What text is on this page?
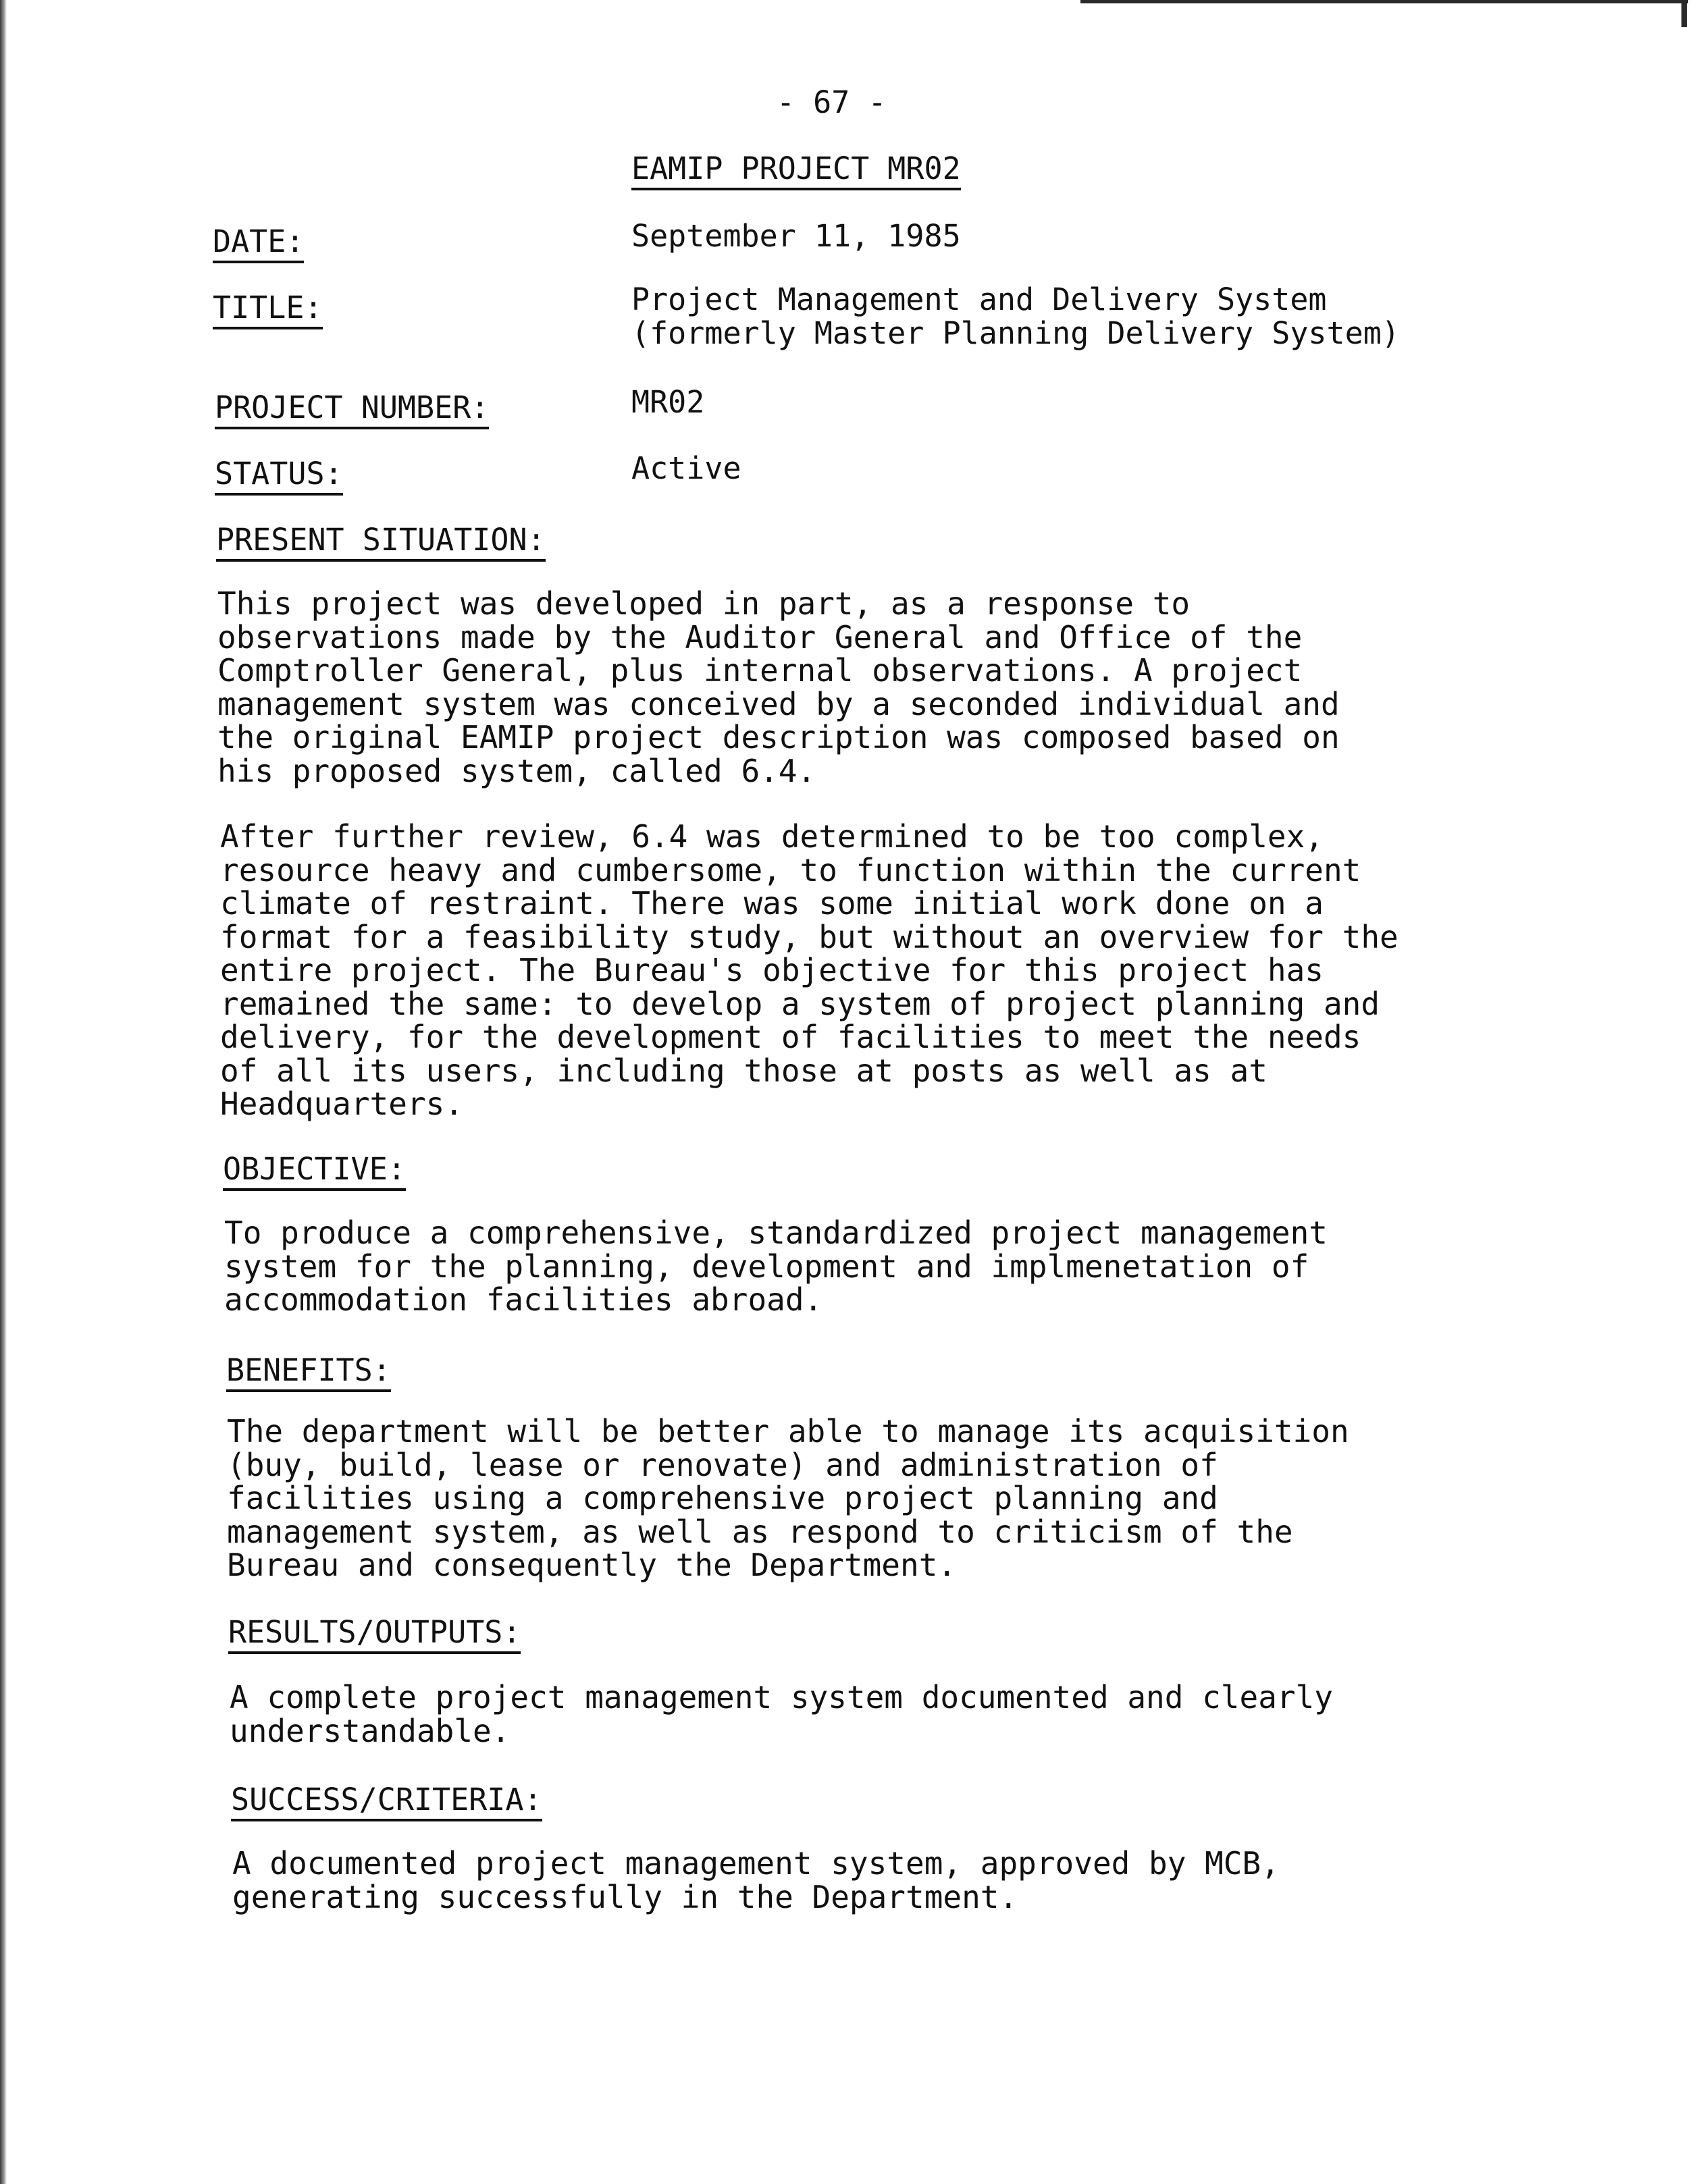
- 67 -
EAMIP PROJECT MR02
DATE:	September 11, 1985
TITLE:	Project Management and Delivery System
(formerly Master Planning Delivery System)
PROJECT NUMBER:	MR02
STATUS:	Active
PRESENT SITUATION:
This project was developed in part, as a response to
observations made by the Auditor General and Office of the
Comptroller General, plus internal observations. A project
management system was conceived by a seconded individual and
the original EAMIP project description was composed based on
his proposed system, called 6.4.
After further review, 6.4 was determined to be too complex,
resource heavy and cumbersome, to function within the current
climate of restraint. There was some initial work done on a
format for a feasibility study, but without an overview for the
entire project. The Bureau's objective for this project has
remained the same: to develop a system of project planning and
delivery, for the development of facilities to meet the needs
of all its users, including those at posts as well as at
Headquarters.
OBJECTIVE:
To produce a comprehensive, standardized project management
system for the planning, development and implmenetation of
accommodation facilities abroad.
BENEFITS:
The department will be better able to manage its acquisition
(buy, build, lease or renovate) and administration of
facilities using a comprehensive project planning and
management system, as well as respond to criticism of the
Bureau and consequently the Department.
RESULTS/OUTPUTS:
A complete project management system documented and clearly
understandable.
SUCCESS/CRITERIA:
A documented project management system, approved by MCB,
generating successfully in the Department.
